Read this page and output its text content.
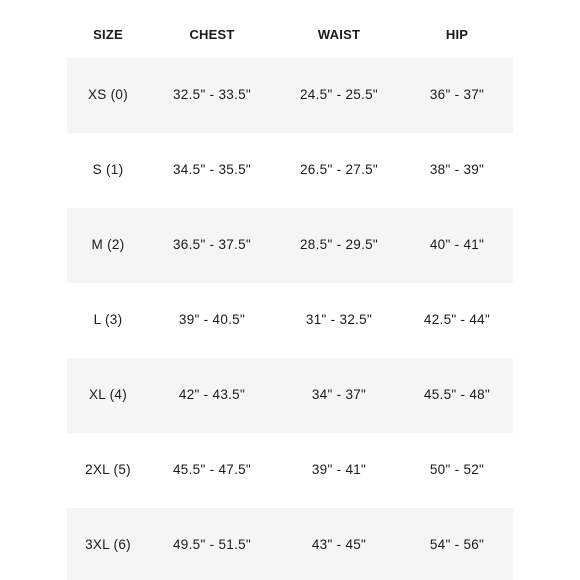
SIZE	CHEST	WAIST	HIP
XS (0)	32.5" - 33.5"	24.5" - 25.5"	36" - 37"
S (1)	34.5" - 35.5"	26.5" - 27.5"	38" - 39"
M (2)	36.5" - 37.5"	28.5" - 29.5"	40" - 41"
L (3)	39" - 40.5"	31" - 32.5"	42.5" - 44"
XL (4)	42" - 43.5"	34" - 37"	45.5" - 48"
2XL (5)	45.5" - 47.5"	39" - 41"	50" - 52"
3XL (6)	49.5" - 51.5"	43" - 45"	54" - 56"
